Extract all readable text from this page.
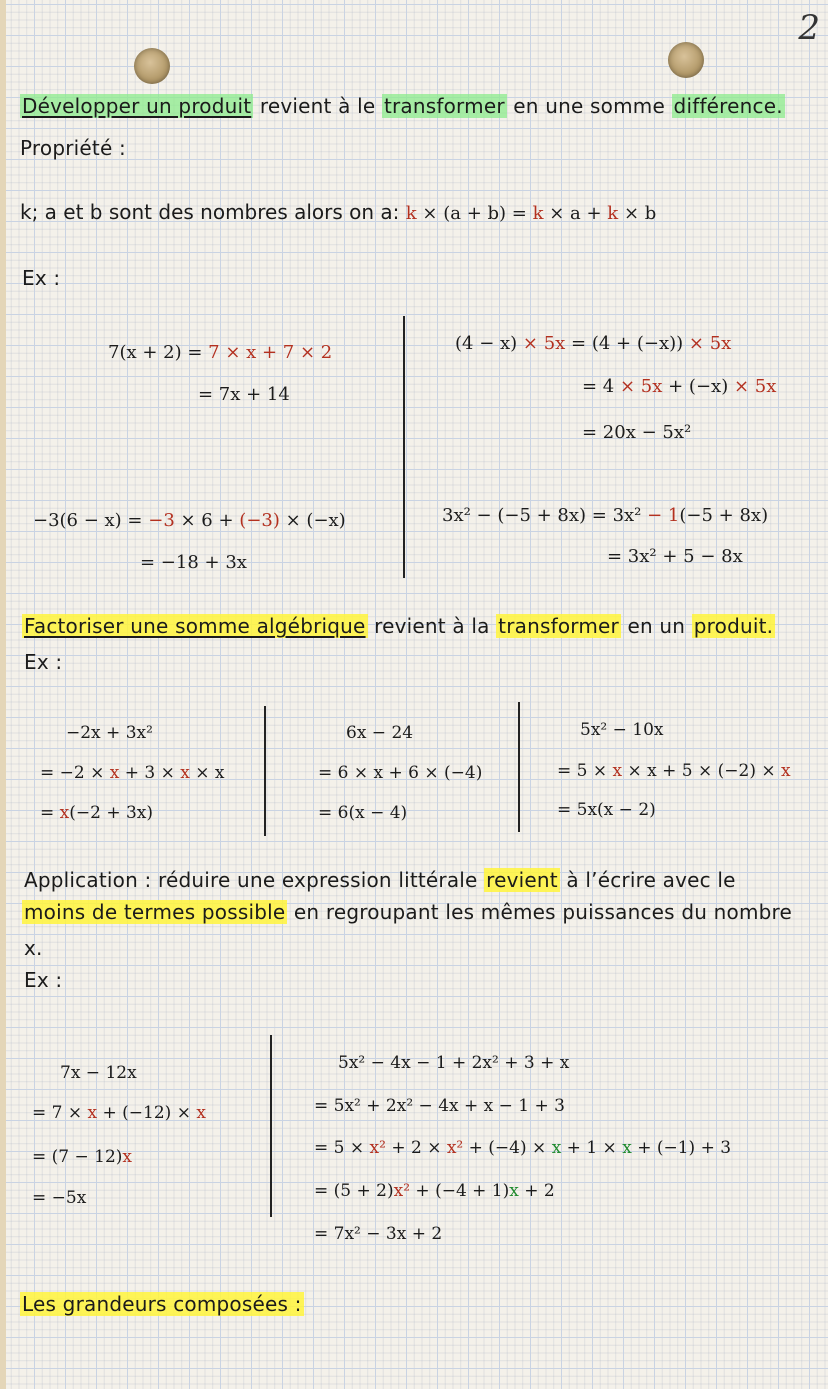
2
Développer un produit revient à le transformer en une somme différence.
Propriété :
k; a et b sont des nombres alors on a: k × (a + b) = k × a + k × b
Ex :
7(x + 2) = 7 × x + 7 × 2
= 7x + 14
(4 − x) × 5x = (4 + (−x)) × 5x
= 4 × 5x + (−x) × 5x
= 20x − 5x²
−3(6 − x) = −3 × 6 + (−3) × (−x)
= −18 + 3x
3x² − (−5 + 8x) = 3x² − 1(−5 + 8x)
= 3x² + 5 − 8x
Factoriser une somme algébrique revient à la transformer en un produit.
Ex :
−2x + 3x²
= −2 × x + 3 × x × x
= x(−2 + 3x)
6x − 24
= 6 × x + 6 × (−4)
= 6(x − 4)
5x² − 10x
= 5 × x × x + 5 × (−2) × x
= 5x(x − 2)
Application : réduire une expression littérale revient à l’écrire avec le
moins de termes possible en regroupant les mêmes puissances du nombre
x.
Ex :
7x − 12x
= 7 × x + (−12) × x
= (7 − 12)x
= −5x
5x² − 4x − 1 + 2x² + 3 + x
= 5x² + 2x² − 4x + x − 1 + 3
= 5 × x² + 2 × x² + (−4) × x + 1 × x + (−1) + 3
= (5 + 2)x² + (−4 + 1)x + 2
= 7x² − 3x + 2
Les grandeurs composées :
